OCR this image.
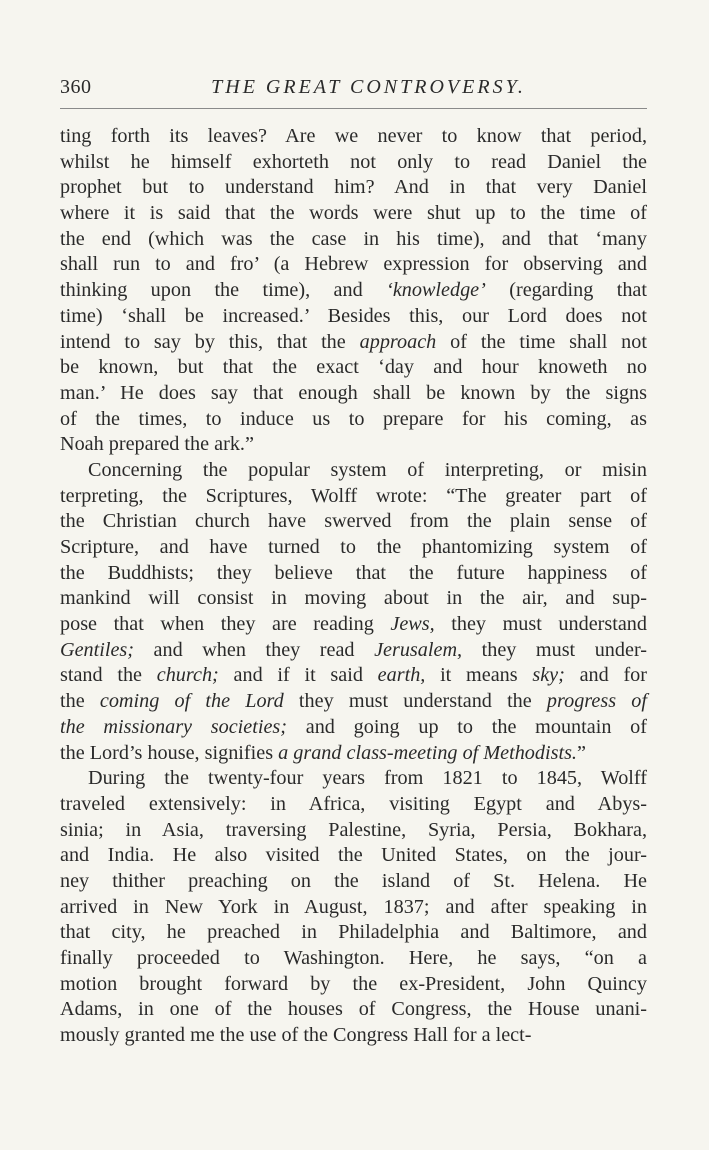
360	THE GREAT CONTROVERSY.
ting forth its leaves? Are we never to know that period,
whilst he himself exhorteth not only to read Daniel the
prophet but to understand him? And in that very Daniel
where it is said that the words were shut up to the time of
the end (which was the case in his time), and that ‘many
shall run to and fro’ (a Hebrew expression for observing and
thinking upon the time), and ‘knowledge’ (regarding that
time) ‘shall be increased.’ Besides this, our Lord does not
intend to say by this, that the approach of the time shall not
be known, but that the exact ‘day and hour knoweth no
man.’ He does say that enough shall be known by the signs
of the times, to induce us to prepare for his coming, as
Noah prepared the ark.”
Concerning the popular system of interpreting, or misin
terpreting, the Scriptures, Wolff wrote: “The greater part of
the Christian church have swerved from the plain sense of
Scripture, and have turned to the phantomizing system of
the Buddhists; they believe that the future happiness of
mankind will consist in moving about in the air, and sup-
pose that when they are reading Jews, they must understand
Gentiles; and when they read Jerusalem, they must under-
stand the church; and if it said earth, it means sky; and for
the coming of the Lord they must understand the progress of
the missionary societies; and going up to the mountain of
the Lord’s house, signifies a grand class-meeting of Methodists.”
During the twenty-four years from 1821 to 1845, Wolff
traveled extensively: in Africa, visiting Egypt and Abys-
sinia; in Asia, traversing Palestine, Syria, Persia, Bokhara,
and India. He also visited the United States, on the jour-
ney thither preaching on the island of St. Helena. He
arrived in New York in August, 1837; and after speaking in
that city, he preached in Philadelphia and Baltimore, and
finally proceeded to Washington. Here, he says, “on a
motion brought forward by the ex-President, John Quincy
Adams, in one of the houses of Congress, the House unani-
mously granted me the use of the Congress Hall for a lect-
